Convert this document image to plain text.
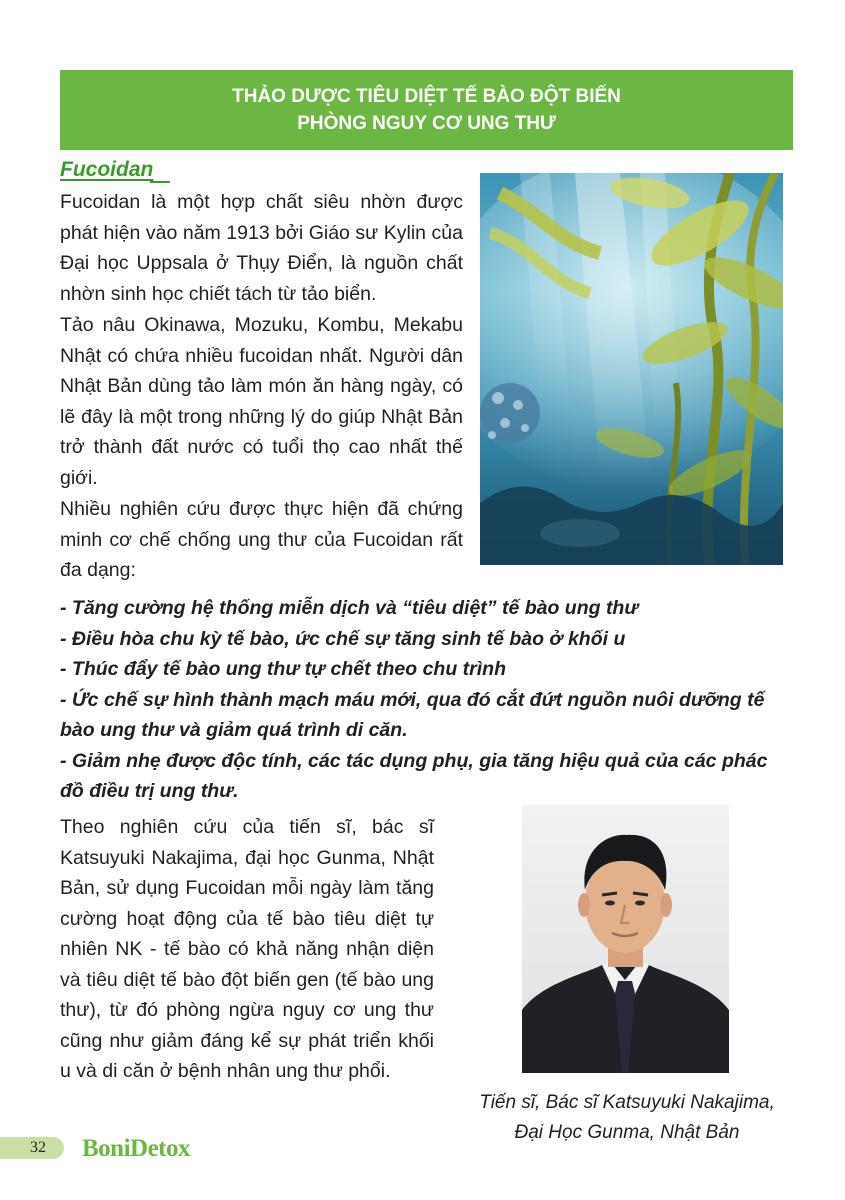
THẢO DƯỢC TIÊU DIỆT TẾ BÀO ĐỘT BIẾN
PHÒNG NGUY CƠ UNG THƯ
Fucoidan

Fucoidan là một hợp chất siêu nhờn được phát hiện vào năm 1913 bởi Giáo sư Kylin của Đại học Uppsala ở Thụy Điển, là nguồn chất nhờn sinh học chiết tách từ tảo biển.

Tảo nâu Okinawa, Mozuku, Kombu, Mekabu Nhật có chứa nhiều fucoidan nhất. Người dân Nhật Bản dùng tảo làm món ăn hàng ngày, có lẽ đây là một trong những lý do giúp Nhật Bản trở thành đất nước có tuổi thọ cao nhất thế giới.

Nhiều nghiên cứu được thực hiện đã chứng minh cơ chế chống ung thư của Fucoidan rất đa dạng:

- Tăng cường hệ thống miễn dịch và “tiêu diệt” tế bào ung thư
- Điều hòa chu kỳ tế bào, ức chế sự tăng sinh tế bào ở khối u
- Thúc đẩy tế bào ung thư tự chết theo chu trình
- Ức chế sự hình thành mạch máu mới, qua đó cắt đứt nguồn nuôi dưỡng tế bào ung thư và giảm quá trình di căn.
- Giảm nhẹ được độc tính, các tác dụng phụ, gia tăng hiệu quả của các phác đồ điều trị ung thư.

Theo nghiên cứu của tiến sĩ, bác sĩ Katsuyuki Nakajima, đại học Gunma, Nhật Bản, sử dụng Fucoidan mỗi ngày làm tăng cường hoạt động của tế bào tiêu diệt tự nhiên NK - tế bào có khả năng nhận diện và tiêu diệt tế bào đột biến gen (tế bào ung thư), từ đó phòng ngừa nguy cơ ung thư cũng như giảm đáng kể sự phát triển khối u và di căn ở bệnh nhân ung thư phổi.

Tiến sĩ, Bác sĩ Katsuyuki Nakajima,
Đại Học Gunma, Nhật Bản
32 BoniDetox
